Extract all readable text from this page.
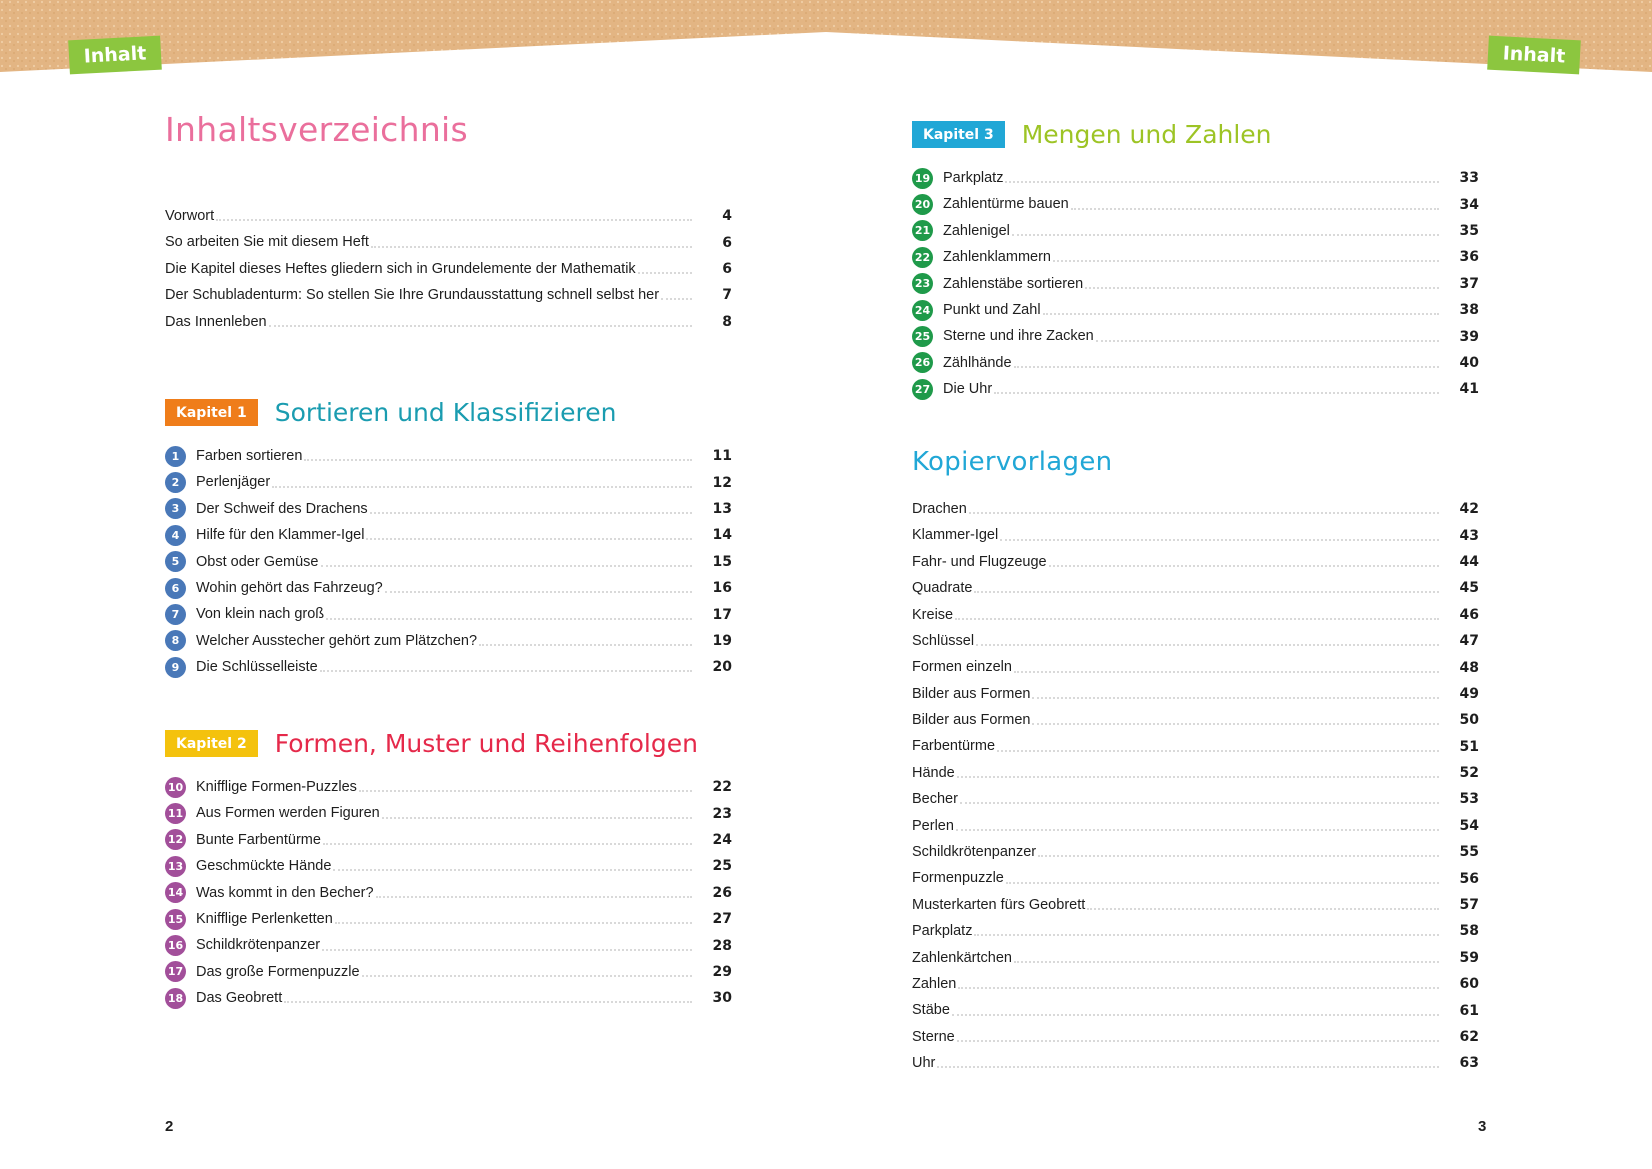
Inhalt	Inhalt
Inhaltsverzeichnis
Vorwort	4
So arbeiten Sie mit diesem Heft	6
Die Kapitel dieses Heftes gliedern sich in Grundelemente der Mathematik	6
Der Schubladenturm: So stellen Sie Ihre Grundausstattung schnell selbst her	7
Das Innenleben	8
Kapitel 1	Sortieren und Klassifizieren
1	Farben sortieren	11
2	Perlenjäger	12
3	Der Schweif des Drachens	13
4	Hilfe für den Klammer-Igel	14
5	Obst oder Gemüse	15
6	Wohin gehört das Fahrzeug?	16
7	Von klein nach groß	17
8	Welcher Ausstecher gehört zum Plätzchen?	19
9	Die Schlüsselleiste	20
Kapitel 2	Formen, Muster und Reihenfolgen
10 Knifflige Formen-Puzzles	22
11 Aus Formen werden Figuren	23
12 Bunte Farbentürme	24
13 Geschmückte Hände	25
14 Was kommt in den Becher?	26
15 Knifflige Perlenketten	27
16 Schildkrötenpanzer	28
17 Das große Formenpuzzle	29
18 Das Geobrett	30
2
Kapitel 3	Mengen und Zahlen
19 Parkplatz	33
20 Zahlentürme bauen	34
21 Zahlenigel	35
22 Zahlenklammern	36
23 Zahlenstäbe sortieren	37
24 Punkt und Zahl	38
25 Sterne und ihre Zacken	39
26 Zählhände	40
27 Die Uhr	41
Kopiervorlagen
Drachen	42
Klammer-Igel	43
Fahr- und Flugzeuge	44
Quadrate	45
Kreise	46
Schlüssel	47
Formen einzeln	48
Bilder aus Formen	49
Bilder aus Formen	50
Farbentürme	51
Hände	52
Becher	53
Perlen	54
Schildkrötenpanzer	55
Formenpuzzle	56
Musterkarten fürs Geobrett	57
Parkplatz	58
Zahlenkärtchen	59
Zahlen	60
Stäbe	61
Sterne	62
Uhr	63
3
